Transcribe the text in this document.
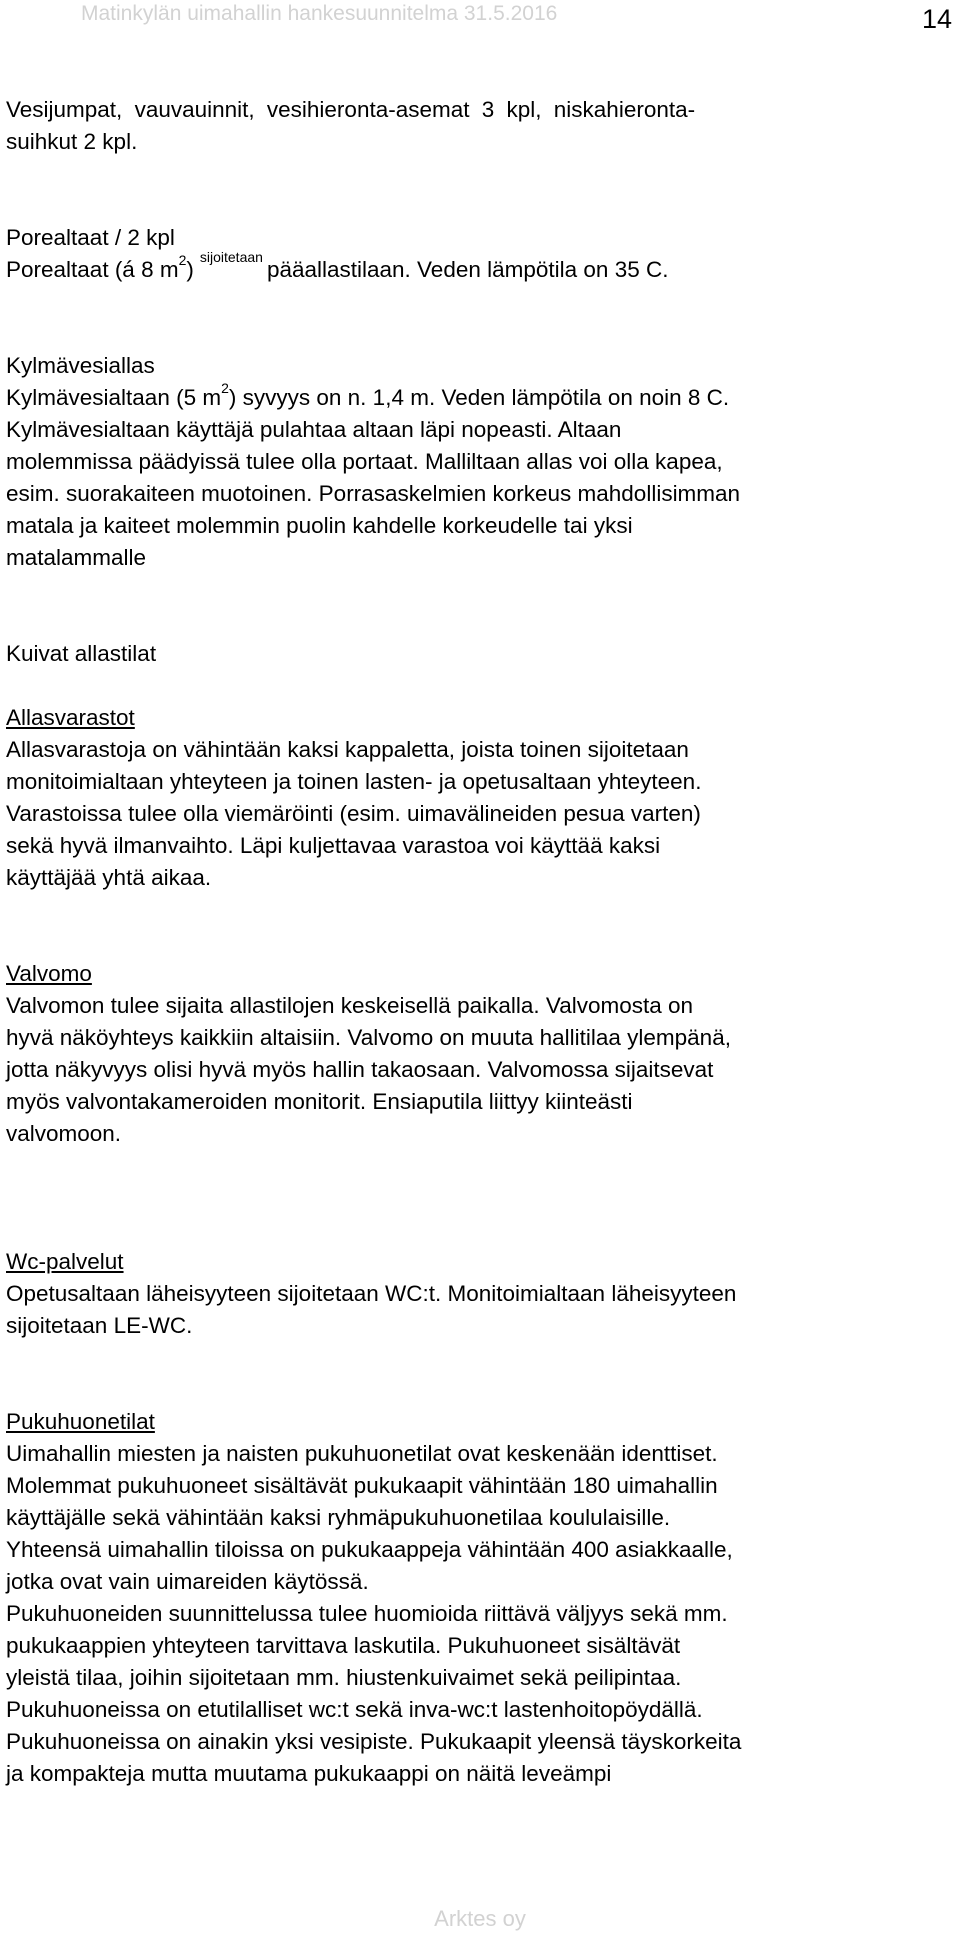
Matinkylän uimahallin hankesuunnitelma 31.5.2016	14

Vesijumpat, vauvauinnit, vesihieronta-asemat 3 kpl, niskahieronta-

suihkut 2 kpl.

Porealtaat / 2 kpl

Porealtaat (á 8 $m^2$) $^{sijoitetaan}$ pääallastilaan. Veden lämpötila on 35 C.

Kylmävesiallas

Kylmävesialtaan (5 $m^2$) syvyys on n. 1,4 m. Veden lämpötila on noin 8 C.

Kylmävesialtaan käyttäjä pulahtaa altaan läpi nopeasti. Altaan

molemmissa päädyissä tulee olla portaat. Malliltaan allas voi olla kapea,

esim. suorakaiteen muotoinen. Porrasaskelmien korkeus mahdollisimman

matala ja kaiteet molemmin puolin kahdelle korkeudelle tai yksi

matalammalle

Kuivat allastilat

Allasvarastot

Allasvarastoja on vähintään kaksi kappaletta, joista toinen sijoitetaan

monitoimialtaan yhteyteen ja toinen lasten- ja opetusaltaan yhteyteen.

Varastoissa tulee olla viemäröinti (esim. uimavälineiden pesua varten)

sekä hyvä ilmanvaihto. Läpi kuljettavaa varastoa voi käyttää kaksi

käyttäjää yhtä aikaa.

Valvomo

Valvomon tulee sijaita allastilojen keskeisellä paikalla. Valvomosta on

hyvä näköyhteys kaikkiin altaisiin. Valvomo on muuta hallitilaa ylempänä,

jotta näkyvyys olisi hyvä myös hallin takaosaan. Valvomossa sijaitsevat

myös valvontakameroiden monitorit. Ensiaputila liittyy kiinteästi

valvomoon.

Wc-palvelut

Opetusaltaan läheisyyteen sijoitetaan WC:t. Monitoimialtaan läheisyyteen

sijoitetaan LE-WC.

Pukuhuonetilat

Uimahallin miesten ja naisten pukuhuonetilat ovat keskenään identtiset.

Molemmat pukuhuoneet sisältävät pukukaapit vähintään 180 uimahallin

käyttäjälle sekä vähintään kaksi ryhmäpukuhuonetilaa koululaisille.

Yhteensä uimahallin tiloissa on pukukaappeja vähintään 400 asiakkaalle,

jotka ovat vain uimareiden käytössä.

Pukuhuoneiden suunnittelussa tulee huomioida riittävä väljyys sekä mm.

pukukaappien yhteyteen tarvittava laskutila. Pukuhuoneet sisältävät

yleistä tilaa, joihin sijoitetaan mm. hiustenkuivaimet sekä peilipintaa.

Pukuhuoneissa on etutilalliset wc:t sekä inva-wc:t lastenhoitopöydällä.

Pukuhuoneissa on ainakin yksi vesipiste. Pukukaapit yleensä täyskorkeita

ja kompakteja mutta muutama pukukaappi on näitä leveämpi

Arktes oy
